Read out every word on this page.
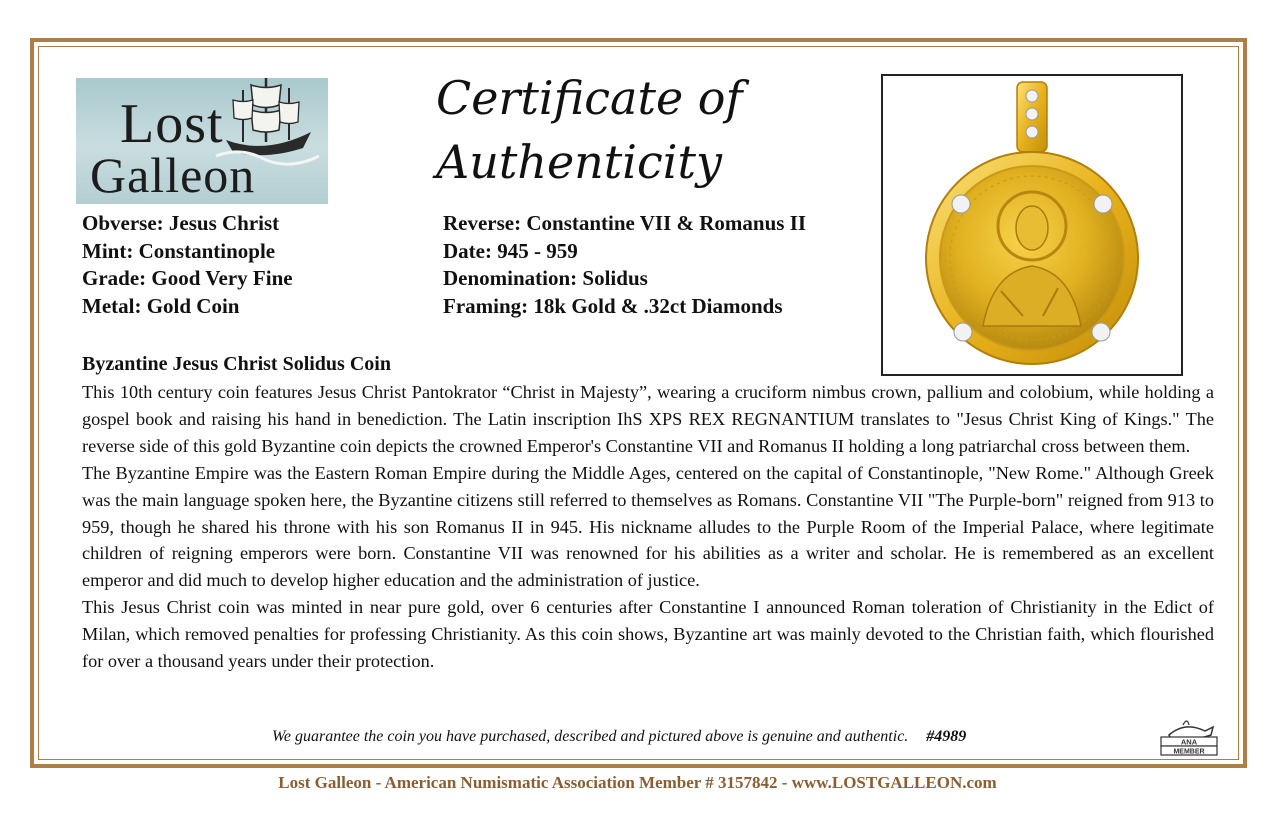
Lost
Galleon
Certificate of
Authenticity
Obverse: Jesus Christ
Mint: Constantinople
Grade: Good Very Fine
Metal: Gold Coin
Reverse: Constantine VII & Romanus II
Date: 945 - 959
Denomination: Solidus
Framing: 18k Gold & .32ct Diamonds
Byzantine Jesus Christ Solidus Coin

This 10th century coin features Jesus Christ Pantokrator “Christ in Majesty”, wearing a cruciform nimbus crown, pallium and colobium, while holding a gospel book and raising his hand in benediction. The Latin inscription IhS XPS REX REGNANTIUM translates to "Jesus Christ King of Kings." The reverse side of this gold Byzantine coin depicts the crowned Emperor's Constantine VII and Romanus II holding a long patriarchal cross between them.

The Byzantine Empire was the Eastern Roman Empire during the Middle Ages, centered on the capital of Constantinople, "New Rome." Although Greek was the main language spoken here, the Byzantine citizens still referred to themselves as Romans. Constantine VII "The Purple-born" reigned from 913 to 959, though he shared his throne with his son Romanus II in 945. His nickname alludes to the Purple Room of the Imperial Palace, where legitimate children of reigning emperors were born. Constantine VII was renowned for his abilities as a writer and scholar. He is remembered as an excellent emperor and did much to develop higher education and the administration of justice.

This Jesus Christ coin was minted in near pure gold, over 6 centuries after Constantine I announced Roman toleration of Christianity in the Edict of Milan, which removed penalties for professing Christianity. As this coin shows, Byzantine art was mainly devoted to the Christian faith, which flourished for over a thousand years under their protection.

We guarantee the coin you have purchased, described and pictured above is genuine and authentic. #4989	ANA
MEMBER
Lost Galleon - American Numismatic Association Member # 3157842 - www.LOSTGALLEON.com
